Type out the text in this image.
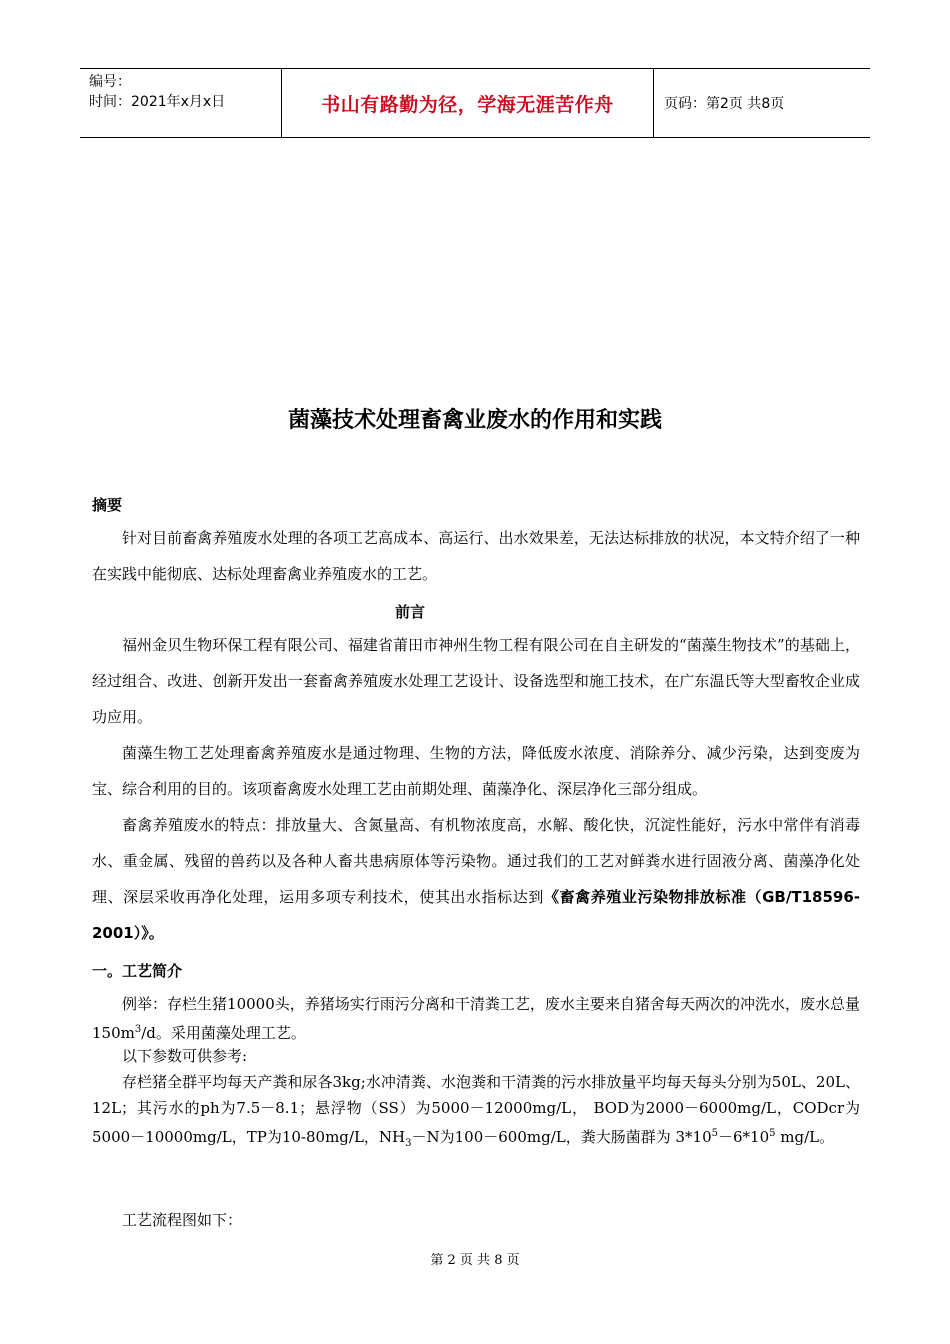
编号：
时间：2021年x月x日	书山有路勤为径，学海无涯苦作舟	页码：第2页 共8页
菌藻技术处理畜禽业废水的作用和实践
摘要

针对目前畜禽养殖废水处理的各项工艺高成本、高运行、出水效果差，无法达标排放的状况，本文特介绍了一种在实践中能彻底、达标处理畜禽业养殖废水的工艺。

前言

福州金贝生物环保工程有限公司、福建省莆田市神州生物工程有限公司在自主研发的“菌藻生物技术”的基础上，经过组合、改进、创新开发出一套畜禽养殖废水处理工艺设计、设备选型和施工技术，在广东温氏等大型畜牧企业成功应用。

菌藻生物工艺处理畜禽养殖废水是通过物理、生物的方法，降低废水浓度、消除养分、减少污染，达到变废为宝、综合利用的目的。该项畜禽废水处理工艺由前期处理、菌藻净化、深层净化三部分组成。

畜禽养殖废水的特点：排放量大、含氮量高、有机物浓度高，水解、酸化快，沉淀性能好，污水中常伴有消毒水、重金属、残留的兽药以及各种人畜共患病原体等污染物。通过我们的工艺对鲜粪水进行固液分离、菌藻净化处理、深层采收再净化处理，运用多项专利技术，使其出水指标达到《畜禽养殖业污染物排放标准（GB/T18596-2001）》。

一。工艺简介

例举：存栏生猪10000头，养猪场实行雨污分离和干清粪工艺，废水主要来自猪舍每天两次的冲洗水，废水总量$150m^3/d$。采用菌藻处理工艺。

以下参数可供参考:

存栏猪全群平均每天产粪和尿各3kg;水冲清粪、水泡粪和干清粪的污水排放量平均每天每头分别为50L、20L、12L；其污水的ph为7.5－8.1；悬浮物（SS）为5000－12000mg/L， BOD为2000－6000mg/L，CODcr为5000－10000mg/L，TP为10-80mg/L，$NH_3-N$为100－600mg/L，粪大肠菌群为 $3*10^5-6*10^5$ mg/L。

工艺流程图如下：

第 2 页 共 8 页
